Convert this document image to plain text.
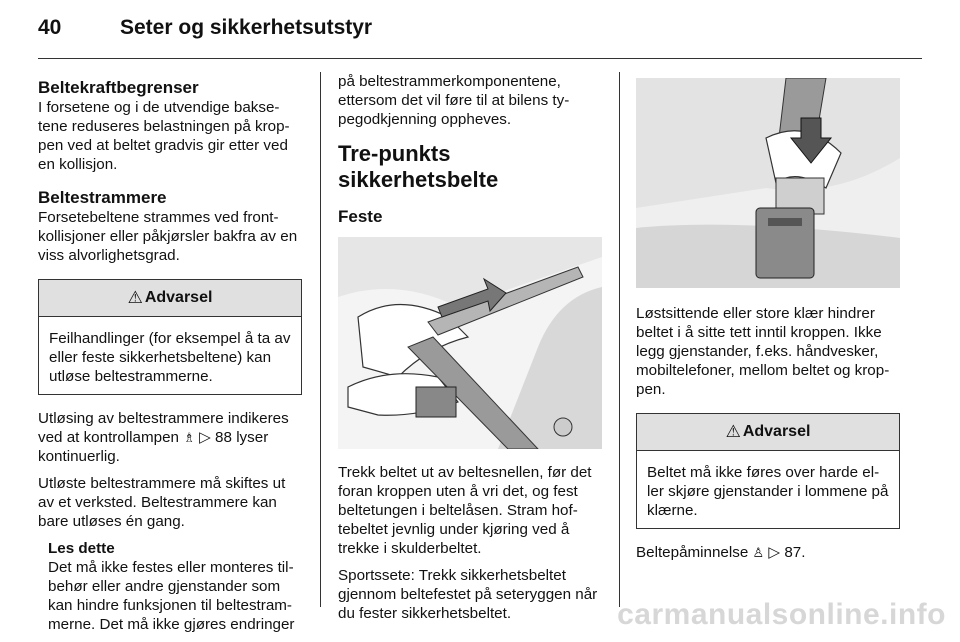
40	Seter og sikkerhetsutstyr
Beltekraftbegrenser

I forsetene og i de utvendige baksetene reduseres belastningen på kroppen ved at beltet gradvis gir etter ved en kollisjon.

Beltestrammere

Forsetebeltene strammes ved frontkollisjoner eller påkjørsler bakfra av en viss alvorlighetsgrad.

⚠ Advarsel
Feilhandlinger (for eksempel å ta av eller feste sikkerhetsbeltene) kan utløse beltestrammerne.

Utløsing av beltestrammere indikeres ved at kontrollampen ♗ ▷ 88 lyser kontinuerlig.

Utløste beltestrammere må skiftes ut av et verksted. Beltestrammere kan bare utløses én gang.

Les dette
Det må ikke festes eller monteres tilbehør eller andre gjenstander som kan hindre funksjonen til beltestrammerne. Det må ikke gjøres endringer

på beltestrammerkomponentene, ettersom det vil føre til at bilens typegodkjenning oppheves.

Tre-punkts sikkerhetsbelte
Feste

Trekk beltet ut av beltesnellen, før det foran kroppen uten å vri det, og fest beltetungen i beltelåsen. Stram hoftebeltet jevnlig under kjøring ved å trekke i skulderbeltet.

Sportssete: Trekk sikkerhetsbeltet gjennom beltefestet på seteryggen når du fester sikkerhetsbeltet.

Løstsittende eller store klær hindrer beltet i å sitte tett inntil kroppen. Ikke legg gjenstander, f.eks. håndvesker, mobiltelefoner, mellom beltet og kroppen.

⚠ Advarsel
Beltet må ikke føres over harde eller skjøre gjenstander i lommene på klærne.

Beltepåminnelse ♙ ▷ 87.

carmanualsonline.info
